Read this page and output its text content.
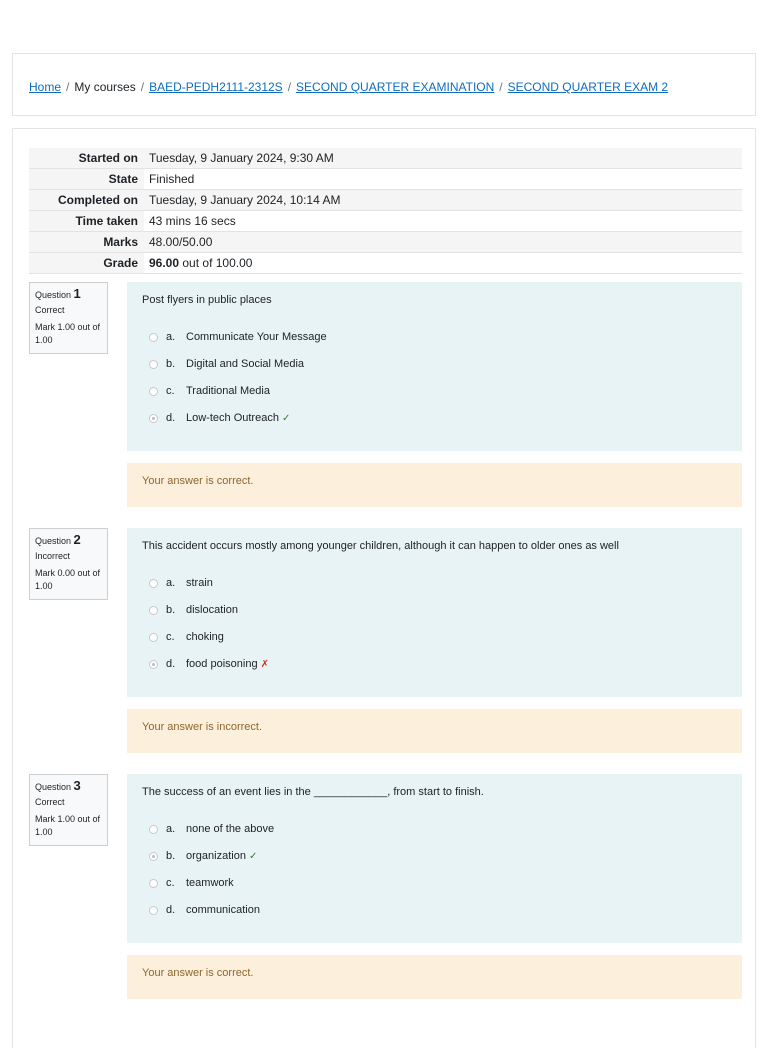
Home / My courses / BAED-PEDH2111-2312S / SECOND QUARTER EXAMINATION / SECOND QUARTER EXAM 2
Started on	Tuesday, 9 January 2024, 9:30 AM
State	Finished
Completed on	Tuesday, 9 January 2024, 10:14 AM
Time taken	43 mins 16 secs
Marks	48.00/50.00
Grade	96.00 out of 100.00
Question 1
Correct
Mark 1.00 out of 1.00
Post flyers in public places
a. Communicate Your Message
b. Digital and Social Media
c.	Traditional Media
d. Low-tech Outreach ✓
Your answer is correct.
Question 2
Incorrect
Mark 0.00 out of 1.00
This accident occurs mostly among younger children, although it can happen to older ones as well
a. strain
b. dislocation
c.	choking
d. food poisoning ✗
Your answer is incorrect.
Question 3
Correct
Mark 1.00 out of 1.00
The success of an event lies in the ____________, from start to finish.
a. none of the above
b. organization ✓
c.	teamwork
d. communication
Your answer is correct.
